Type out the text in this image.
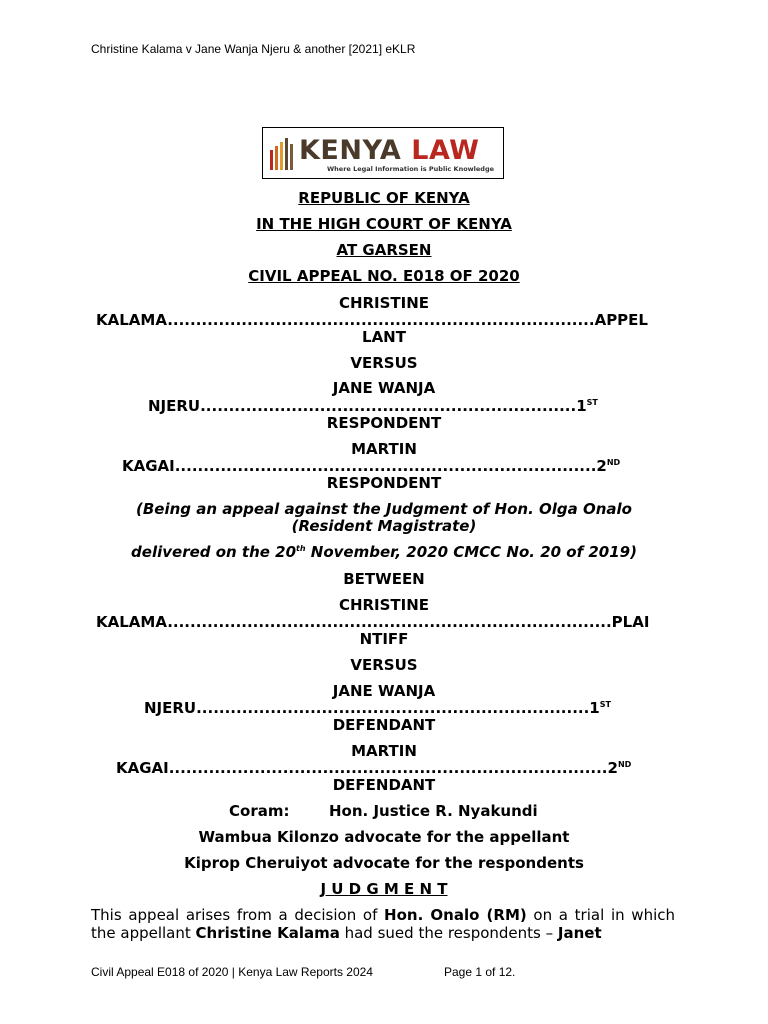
Christine Kalama v Jane Wanja Njeru & another [2021] eKLR
KENYA LAW
Where Legal Information is Public Knowledge
REPUBLIC OF KENYA
IN THE HIGH COURT OF KENYA
AT GARSEN
CIVIL APPEAL NO. E018 OF 2020
CHRISTINE
KALAMA...........................................................................APPEL
LANT
VERSUS
JANE WANJA
NJERU..................................................................1ST
RESPONDENT
MARTIN
KAGAI..........................................................................2ND
RESPONDENT
(Being an appeal against the Judgment of Hon. Olga Onalo
(Resident Magistrate)
delivered on the 20th November, 2020 CMCC No. 20 of 2019)
BETWEEN
CHRISTINE
KALAMA..............................................................................PLAI
NTIFF
VERSUS
JANE WANJA
NJERU.....................................................................1ST
DEFENDANT
MARTIN
KAGAI.............................................................................2ND
DEFENDANT
Coram:	Hon. Justice R. Nyakundi
Wambua Kilonzo advocate for the appellant
Kiprop Cheruiyot advocate for the respondents
J U D G M E N T
This appeal arises from a decision of Hon. Onalo (RM) on a trial in which the appellant Christine Kalama had sued the respondents – Janet
Civil Appeal E018 of 2020 | Kenya Law Reports 2024	Page 1 of 12.
